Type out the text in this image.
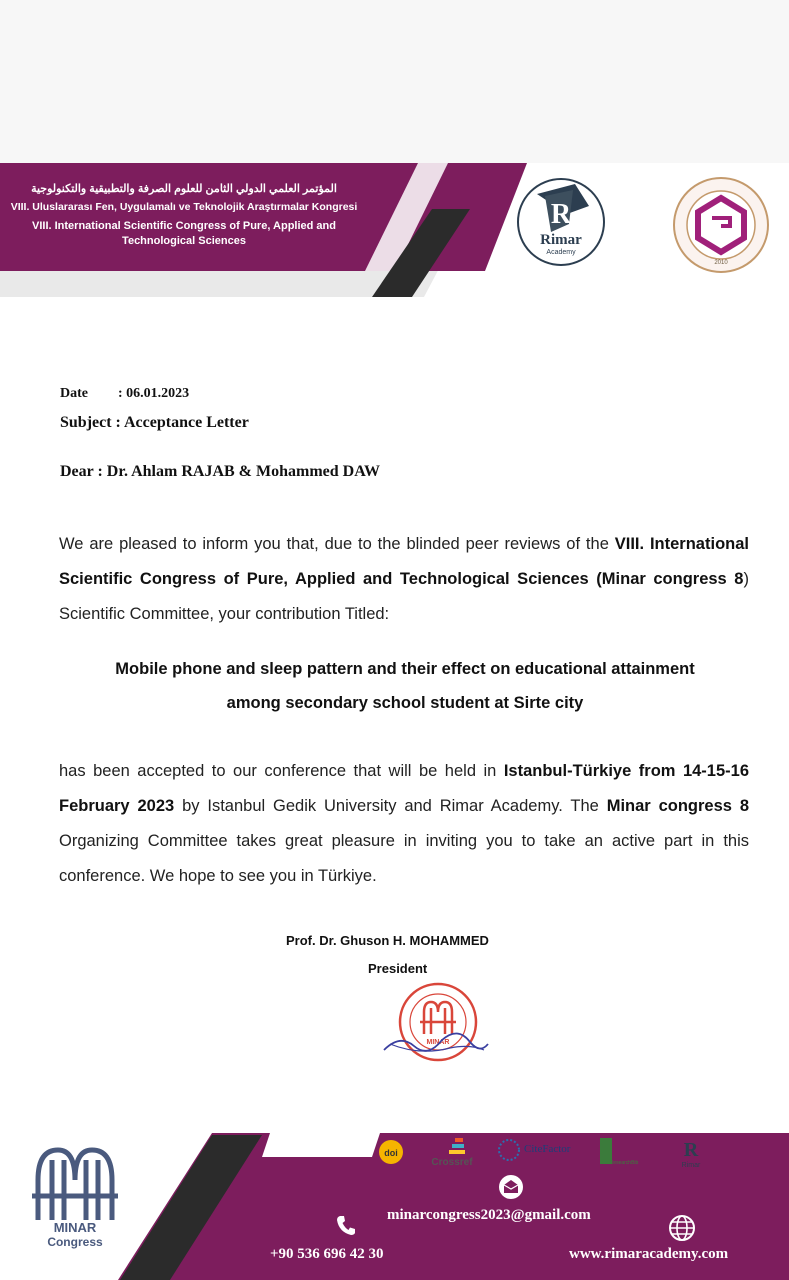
المؤتمر العلمي الدولي الثامن للعلوم الصرفة والتطبيقية والتكنولوجية
VIII. Uluslararası Fen, Uygulamalı ve Teknolojik Araştırmalar Kongresi
VIII. International Scientific Congress of Pure, Applied and
Technological Sciences
R
Rimar
Academy
2010
Date : 06.01.2023
Subject : Acceptance Letter
Dear : Dr. Ahlam RAJAB & Mohammed DAW
We are pleased to inform you that, due to the blinded peer reviews of the VIII. International Scientific Congress of Pure, Applied and Technological Sciences (Minar congress 8) Scientific Committee, your contribution Titled:
Mobile phone and sleep pattern and their effect on educational attainment
among secondary school student at Sirte city
has been accepted to our conference that will be held in Istanbul-Türkiye from 14-15-16 February 2023 by Istanbul Gedik University and Rimar Academy. The Minar congress 8 Organizing Committee takes great pleasure in inviting you to take an active part in this conference. We hope to see you in Türkiye.
Prof. Dr. Ghuson H. MOHAMMED
President
MINAR
MINAR
Congress
doi
Crossref
CiteFactor
ResearchBib
R
Rimar
minarcongress2023@gmail.com
+90 536 696 42 30	www.rimaracademy.com
